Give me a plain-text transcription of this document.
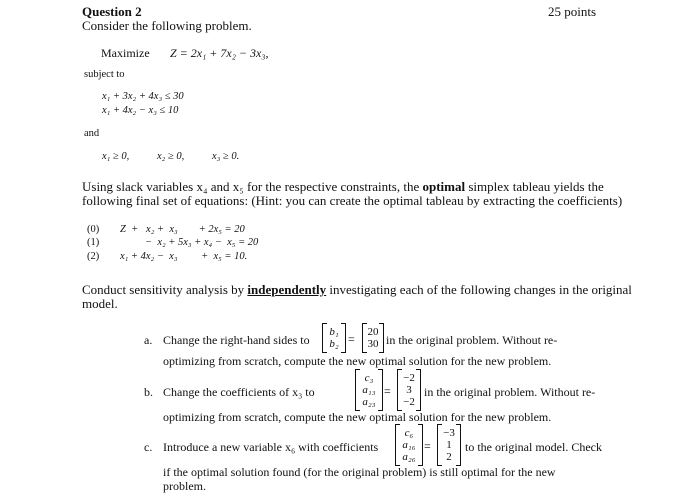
Question 2	25 points
Consider the following problem.
Maximize Z = 2x₁ + 7x₂ − 3x₃,
subject to
x₁ + 3x₂ + 4x₃ ≤ 30
x₁ + 4x₂ − x₃ ≤ 10
and
x₁ ≥ 0,	x₂ ≥ 0,	x₃ ≥ 0.
Using slack variables x₄ and x₅ for the respective constraints, the optimal simplex tableau yields the
following final set of equations: (Hint: you can create the optimal tableau by extracting the coefficients)
(0) Z  +   x₂ +  x₃        + 2x₅ = 20
(1)	−  x₂ + 5x₃ + x₄ −  x₅ = 20
(2) x₁ + 4x₂ −  x₃         +  x₅ = 10.
Conduct sensitivity analysis by independently investigating each of the following changes in the original
model.
a. Change the right-hand sides to
b₁
b₂ = 20
30 in the original problem. Without re-
optimizing from scratch, compute the new optimal solution for the new problem.
b. Change the coefficients of x₃ to
c₃
a₁₃
a₂₃
=
−2
3
−2
in the original problem. Without re-
optimizing from scratch, compute the new optimal solution for the new problem.
c. Introduce a new variable x₆ with coefficients
c₆
a₁₆
a₂₆
=
−3
1
2
to the original model. Check
if the optimal solution found (for the original problem) is still optimal for the new
problem.
